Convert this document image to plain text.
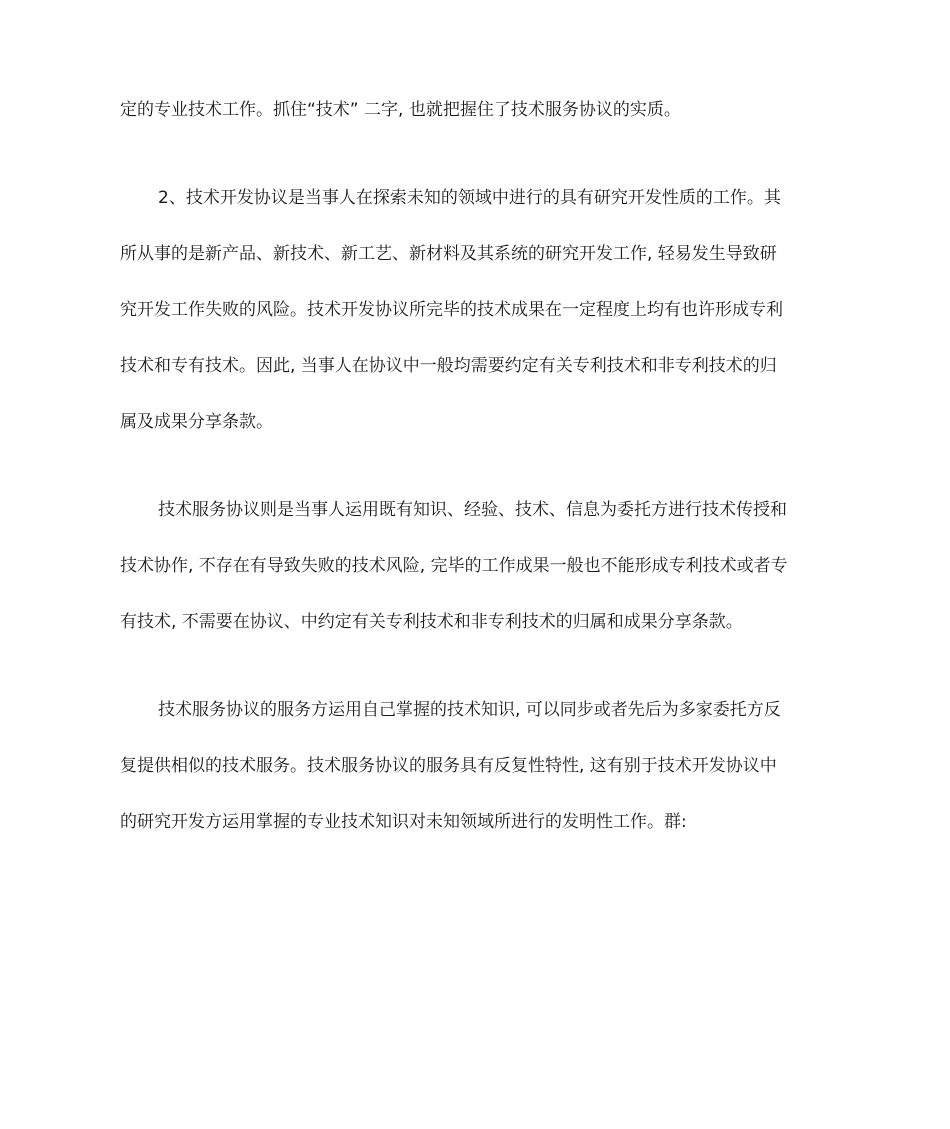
定的专业技术工作。抓住“技术” 二字, 也就把握住了技术服务协议的实质。
2、技术开发协议是当事人在探索未知的领域中进行的具有研究开发性质的工作。其
所从事的是新产品、新技术、新工艺、新材料及其系统的研究开发工作, 轻易发生导致研
究开发工作失败的风险。技术开发协议所完毕的技术成果在一定程度上均有也许形成专利
技术和专有技术。因此, 当事人在协议中一般均需要约定有关专利技术和非专利技术的归
属及成果分享条款。
技术服务协议则是当事人运用既有知识、经验、技术、信息为委托方进行技术传授和
技术协作, 不存在有导致失败的技术风险, 完毕的工作成果一般也不能形成专利技术或者专
有技术, 不需要在协议、中约定有关专利技术和非专利技术的归属和成果分享条款。
技术服务协议的服务方运用自己掌握的技术知识, 可以同步或者先后为多家委托方反
复提供相似的技术服务。技术服务协议的服务具有反复性特性, 这有别于技术开发协议中
的研究开发方运用掌握的专业技术知识对未知领域所进行的发明性工作。群:
